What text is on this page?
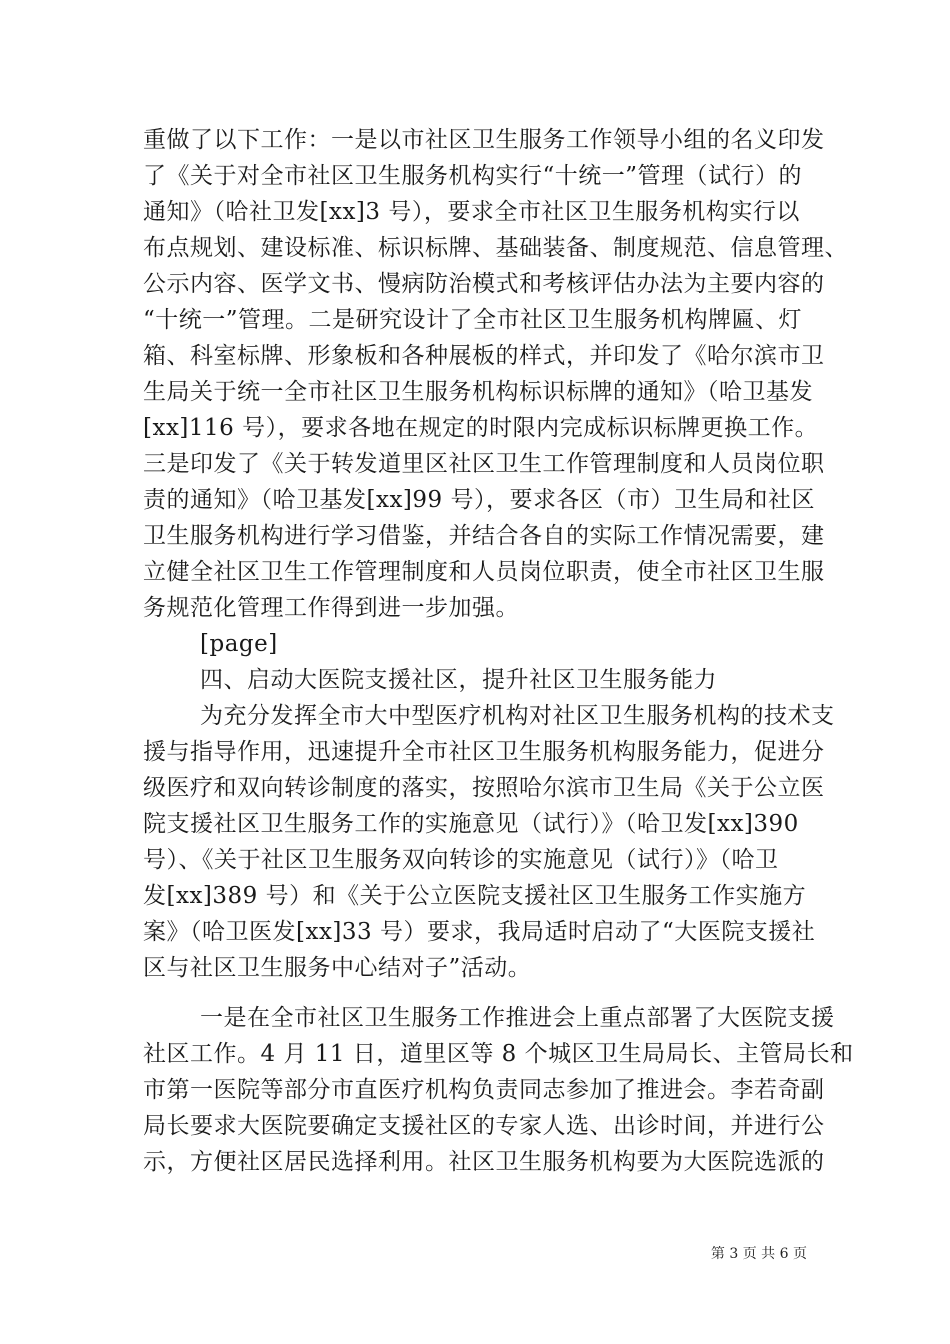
重做了以下工作：一是以市社区卫生服务工作领导小组的名义印发
了《关于对全市社区卫生服务机构实行“十统一”管理（试行）的
通知》（哈社卫发[xx]3 号），要求全市社区卫生服务机构实行以
布点规划、建设标准、标识标牌、基础装备、制度规范、信息管理、
公示内容、医学文书、慢病防治模式和考核评估办法为主要内容的
“十统一”管理。二是研究设计了全市社区卫生服务机构牌匾、灯
箱、科室标牌、形象板和各种展板的样式，并印发了《哈尔滨市卫
生局关于统一全市社区卫生服务机构标识标牌的通知》（哈卫基发
[xx]116 号），要求各地在规定的时限内完成标识标牌更换工作。
三是印发了《关于转发道里区社区卫生工作管理制度和人员岗位职
责的通知》（哈卫基发[xx]99 号），要求各区（市）卫生局和社区
卫生服务机构进行学习借鉴，并结合各自的实际工作情况需要，建
立健全社区卫生工作管理制度和人员岗位职责，使全市社区卫生服
务规范化管理工作得到进一步加强。
[page]
四、启动大医院支援社区，提升社区卫生服务能力
为充分发挥全市大中型医疗机构对社区卫生服务机构的技术支
援与指导作用，迅速提升全市社区卫生服务机构服务能力，促进分
级医疗和双向转诊制度的落实，按照哈尔滨市卫生局《关于公立医
院支援社区卫生服务工作的实施意见（试行）》（哈卫发[xx]390
号）、《关于社区卫生服务双向转诊的实施意见（试行）》（哈卫
发[xx]389 号）和《关于公立医院支援社区卫生服务工作实施方
案》（哈卫医发[xx]33 号）要求，我局适时启动了“大医院支援社
区与社区卫生服务中心结对子”活动。
一是在全市社区卫生服务工作推进会上重点部署了大医院支援
社区工作。4 月 11 日，道里区等 8 个城区卫生局局长、主管局长和
市第一医院等部分市直医疗机构负责同志参加了推进会。李若奇副
局长要求大医院要确定支援社区的专家人选、出诊时间，并进行公
示，方便社区居民选择利用。社区卫生服务机构要为大医院选派的
第 3 页 共 6 页
